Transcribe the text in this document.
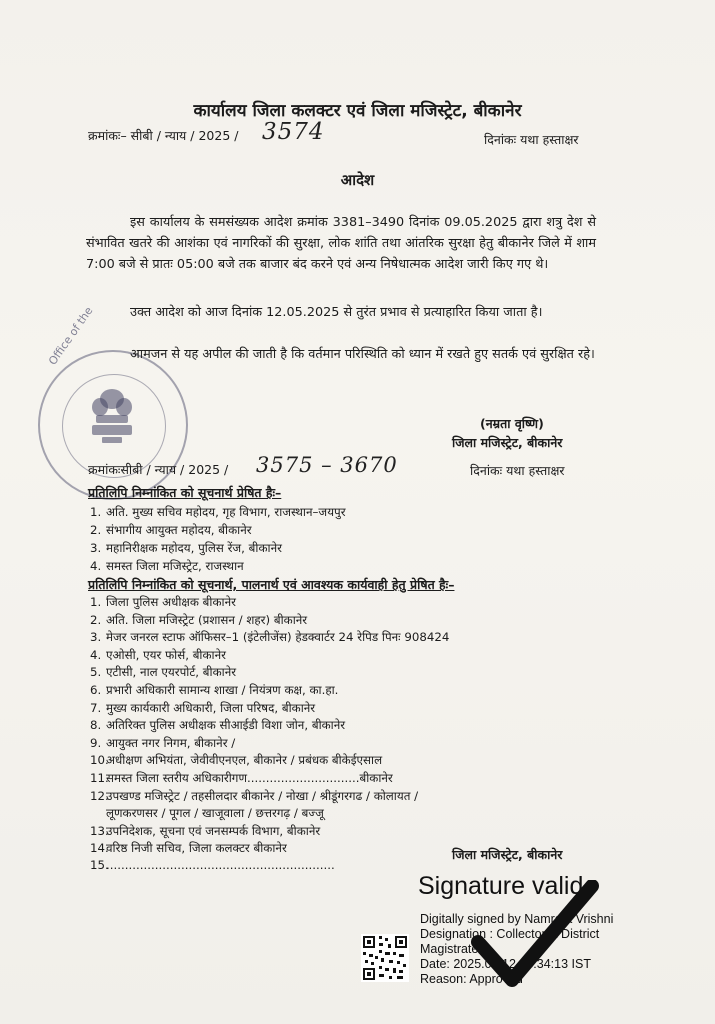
Office of the
कार्यालय जिला कलक्टर एवं जिला मजिस्ट्रेट, बीकानेर
क्रमांकः– सीबी / न्याय / 2025 / 3574	दिनांकः यथा हस्ताक्षर
आदेश
इस कार्यालय के समसंख्यक आदेश क्रमांक 3381–3490 दिनांक 09.05.2025 द्वारा शत्रु देश से संभावित खतरे की आशंका एवं नागरिकों की सुरक्षा, लोक शांति तथा आंतरिक सुरक्षा हेतु बीकानेर जिले में शाम 7:00 बजे से प्रातः 05:00 बजे तक बाजार बंद करने एवं अन्य निषेधात्मक आदेश जारी किए गए थे।
उक्त आदेश को आज दिनांक 12.05.2025 से तुरंत प्रभाव से प्रत्याहारित किया जाता है।
आमजन से यह अपील की जाती है कि वर्तमान परिस्थिति को ध्यान में रखते हुए सतर्क एवं सुरक्षित रहे।
(नम्रता वृष्णि)
जिला मजिस्ट्रेट, बीकानेर
क्रमांकःसीबी / न्याय / 2025 / 3575 – 3670	दिनांकः यथा हस्ताक्षर
प्रतिलिपि निम्नांकित को सूचनार्थ प्रेषित हैः–
1. अति. मुख्य सचिव महोदय, गृह विभाग, राजस्थान–जयपुर
2. संभागीय आयुक्त महोदय, बीकानेर
3. महानिरीक्षक महोदय, पुलिस रेंज, बीकानेर
4. समस्त जिला मजिस्ट्रेट, राजस्थान
प्रतिलिपि निम्नांकित को सूचनार्थ, पालनार्थ एवं आवश्यक कार्यवाही हेतु प्रेषित हैः–
1. जिला पुलिस अधीक्षक बीकानेर
2. अति. जिला मजिस्ट्रेट (प्रशासन / शहर) बीकानेर
3. मेजर जनरल स्टाफ ऑफिसर–1 (इंटेलीजेंस) हेडक्वार्टर 24 रेपिड पिनः 908424
4. एओसी, एयर फोर्स, बीकानेर
5. एटीसी, नाल एयरपोर्ट, बीकानेर
6. प्रभारी अधिकारी सामान्य शाखा / नियंत्रण कक्ष, का.हा.
7. मुख्य कार्यकारी अधिकारी, जिला परिषद, बीकानेर
8. अतिरिक्त पुलिस अधीक्षक सीआईडी विशा जोन, बीकानेर
9. आयुक्त नगर निगम, बीकानेर /
10.अधीक्षण अभियंता, जेवीवीएनएल, बीकानेर / प्रबंधक बीकेईएसाल
11.समस्त जिला स्तरीय अधिकारीगण..............................बीकानेर
12.उपखण्ड मजिस्ट्रेट / तहसीलदार बीकानेर / नोखा / श्रीडूंगरगढ / कोलायत /
लूणकरणसर / पूगल / खाजूवाला / छत्तरगढ़ / बज्जू
13.उपनिदेशक, सूचना एवं जनसम्पर्क विभाग, बीकानेर
14.वरिष्ठ निजी सचिव, जिला कलक्टर बीकानेर
15..............................................................
जिला मजिस्ट्रेट, बीकानेर
Signature valid
Digitally signed by Namrata Vrishni
Designation : Collector & District
Magistrate
Date: 2025.05.12 18:34:13 IST
Reason: Approved
